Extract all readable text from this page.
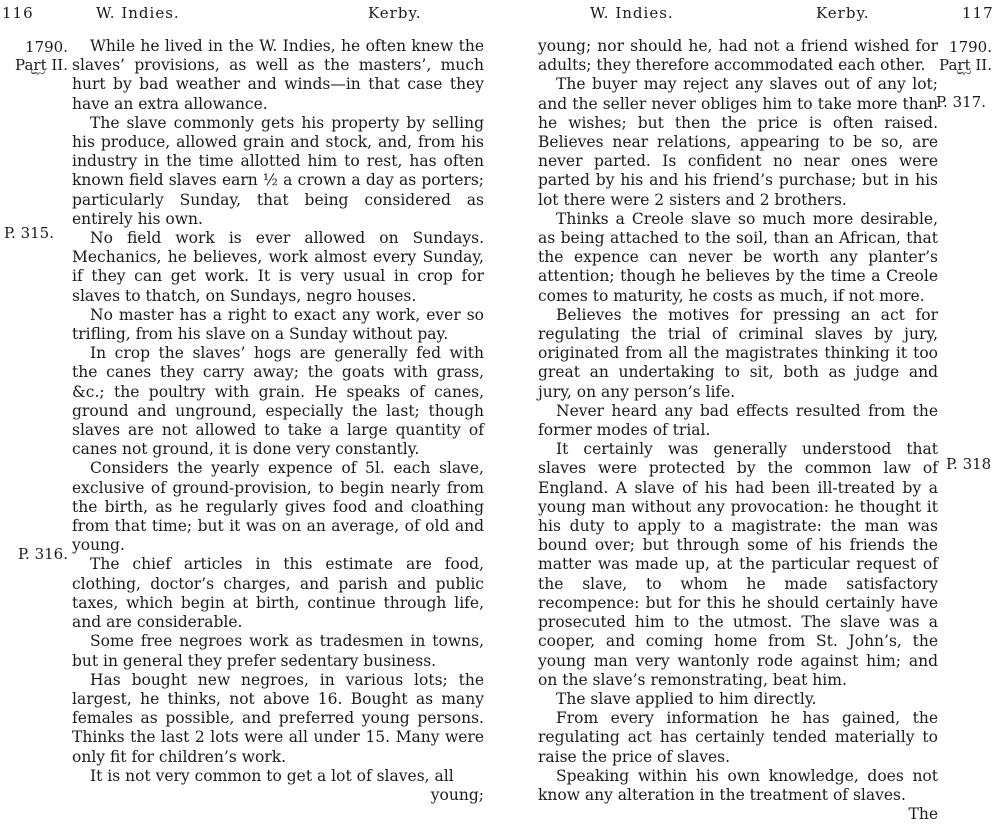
116	W. Indies.	Kerby.
1790.
Part II.
︸
P. 315.
P. 316.

While he lived in the W. Indies, he often knew the slaves’ provisions, as well as the masters’, much hurt by bad weather and winds—in that case they have an extra allowance.

The slave commonly gets his property by selling his produce, allowed grain and stock, and, from his industry in the time allotted him to rest, has often known field slaves earn ½ a crown a day as porters; particularly Sunday, that being considered as entirely his own.

No field work is ever allowed on Sundays. Mechanics, he believes, work almost every Sunday, if they can get work. It is very usual in crop for slaves to thatch, on Sundays, negro houses.

No master has a right to exact any work, ever so trifling, from his slave on a Sunday without pay.

In crop the slaves’ hogs are generally fed with the canes they carry away; the goats with grass, &c.; the poultry with grain. He speaks of canes, ground and unground, especially the last; though slaves are not allowed to take a large quantity of canes not ground, it is done very constantly.

Considers the yearly expence of 5l. each slave, exclusive of ground-provision, to begin nearly from the birth, as he regularly gives food and cloathing from that time; but it was on an average, of old and young.

The chief articles in this estimate are food, clothing, doctor’s charges, and parish and public taxes, which begin at birth, continue through life, and are considerable.

Some free negroes work as tradesmen in towns, but in general they prefer sedentary business.

Has bought new negroes, in various lots; the largest, he thinks, not above 16. Bought as many females as possible, and preferred young persons. Thinks the last 2 lots were all under 15. Many were only fit for children’s work.

It is not very common to get a lot of slaves, all

young;

W. Indies.	Kerby.	117
1790.
Part II.
︸
P. 317.
P. 318

young; nor should he, had not a friend wished for adults; they therefore accommodated each other.

The buyer may reject any slaves out of any lot; and the seller never obliges him to take more than he wishes; but then the price is often raised. Believes near relations, appearing to be so, are never parted. Is confident no near ones were parted by his and his friend’s purchase; but in his lot there were 2 sisters and 2 brothers.

Thinks a Creole slave so much more desirable, as being attached to the soil, than an African, that the expence can never be worth any planter’s attention; though he believes by the time a Creole comes to maturity, he costs as much, if not more.

Believes the motives for pressing an act for regulating the trial of criminal slaves by jury, originated from all the magistrates thinking it too great an undertaking to sit, both as judge and jury, on any person’s life.

Never heard any bad effects resulted from the former modes of trial.

It certainly was generally understood that slaves were protected by the common law of England. A slave of his had been ill-treated by a young man without any provocation: he thought it his duty to apply to a magistrate: the man was bound over; but through some of his friends the matter was made up, at the particular request of the slave, to whom he made satisfactory recompence: but for this he should certainly have prosecuted him to the utmost. The slave was a cooper, and coming home from St. John’s, the young man very wantonly rode against him; and on the slave’s remonstrating, beat him.

The slave applied to him directly.

From every information he has gained, the regulating act has certainly tended materially to raise the price of slaves.

Speaking within his own knowledge, does not know any alteration in the treatment of slaves.

The
